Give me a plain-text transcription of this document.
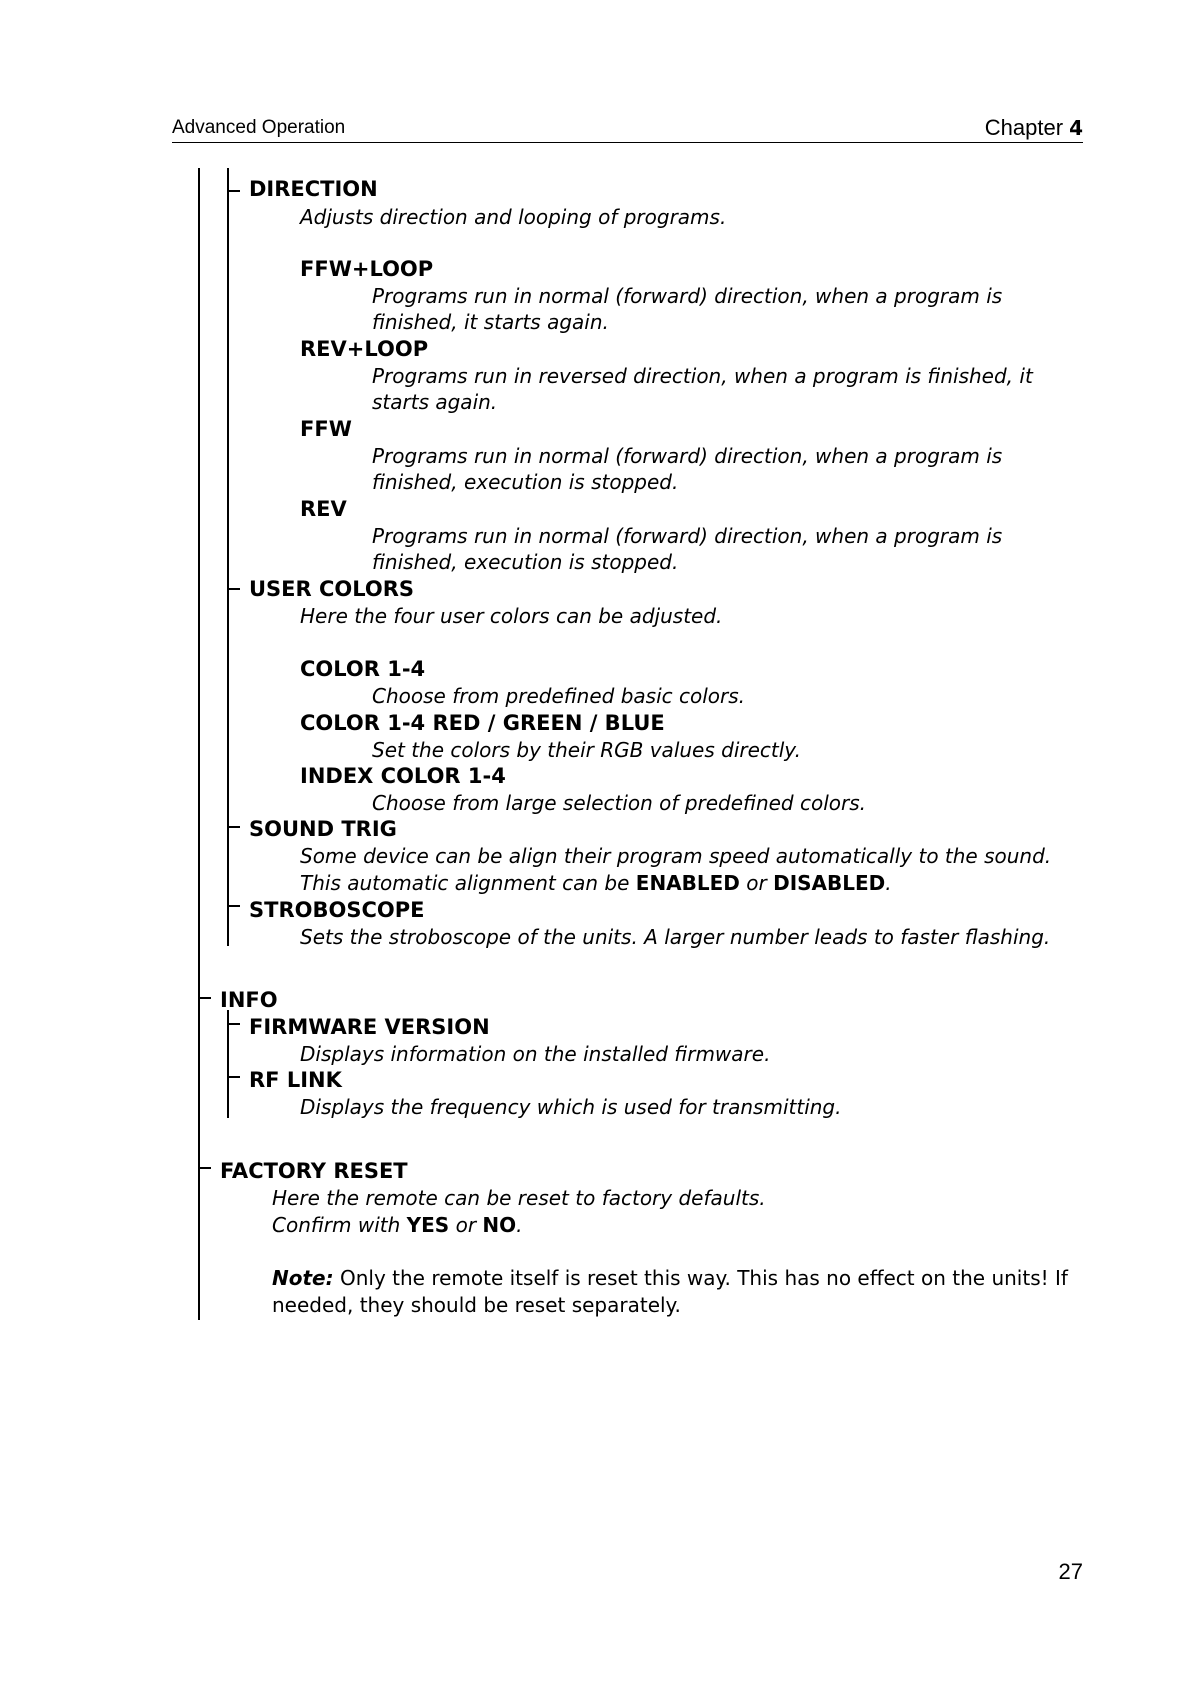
Advanced Operation	Chapter 4
DIRECTION
Adjusts direction and looping of programs.
FFW+LOOP
Programs run in normal (forward) direction, when a program is
finished, it starts again.
REV+LOOP
Programs run in reversed direction, when a program is finished, it
starts again.
FFW
Programs run in normal (forward) direction, when a program is
finished, execution is stopped.
REV
Programs run in normal (forward) direction, when a program is
finished, execution is stopped.
USER COLORS
Here the four user colors can be adjusted.
COLOR 1-4
Choose from predefined basic colors.
COLOR 1-4 RED / GREEN / BLUE
Set the colors by their RGB values directly.
INDEX COLOR 1-4
Choose from large selection of predefined colors.
SOUND TRIG
Some device can be align their program speed automatically to the sound.
This automatic alignment can be ENABLED or DISABLED.
STROBOSCOPE
Sets the stroboscope of the units. A larger number leads to faster flashing.
INFO
FIRMWARE VERSION
Displays information on the installed firmware.
RF LINK
Displays the frequency which is used for transmitting.
FACTORY RESET
Here the remote can be reset to factory defaults.
Confirm with YES or NO.
Note: Only the remote itself is reset this way. This has no effect on the units! If
needed, they should be reset separately.
27
